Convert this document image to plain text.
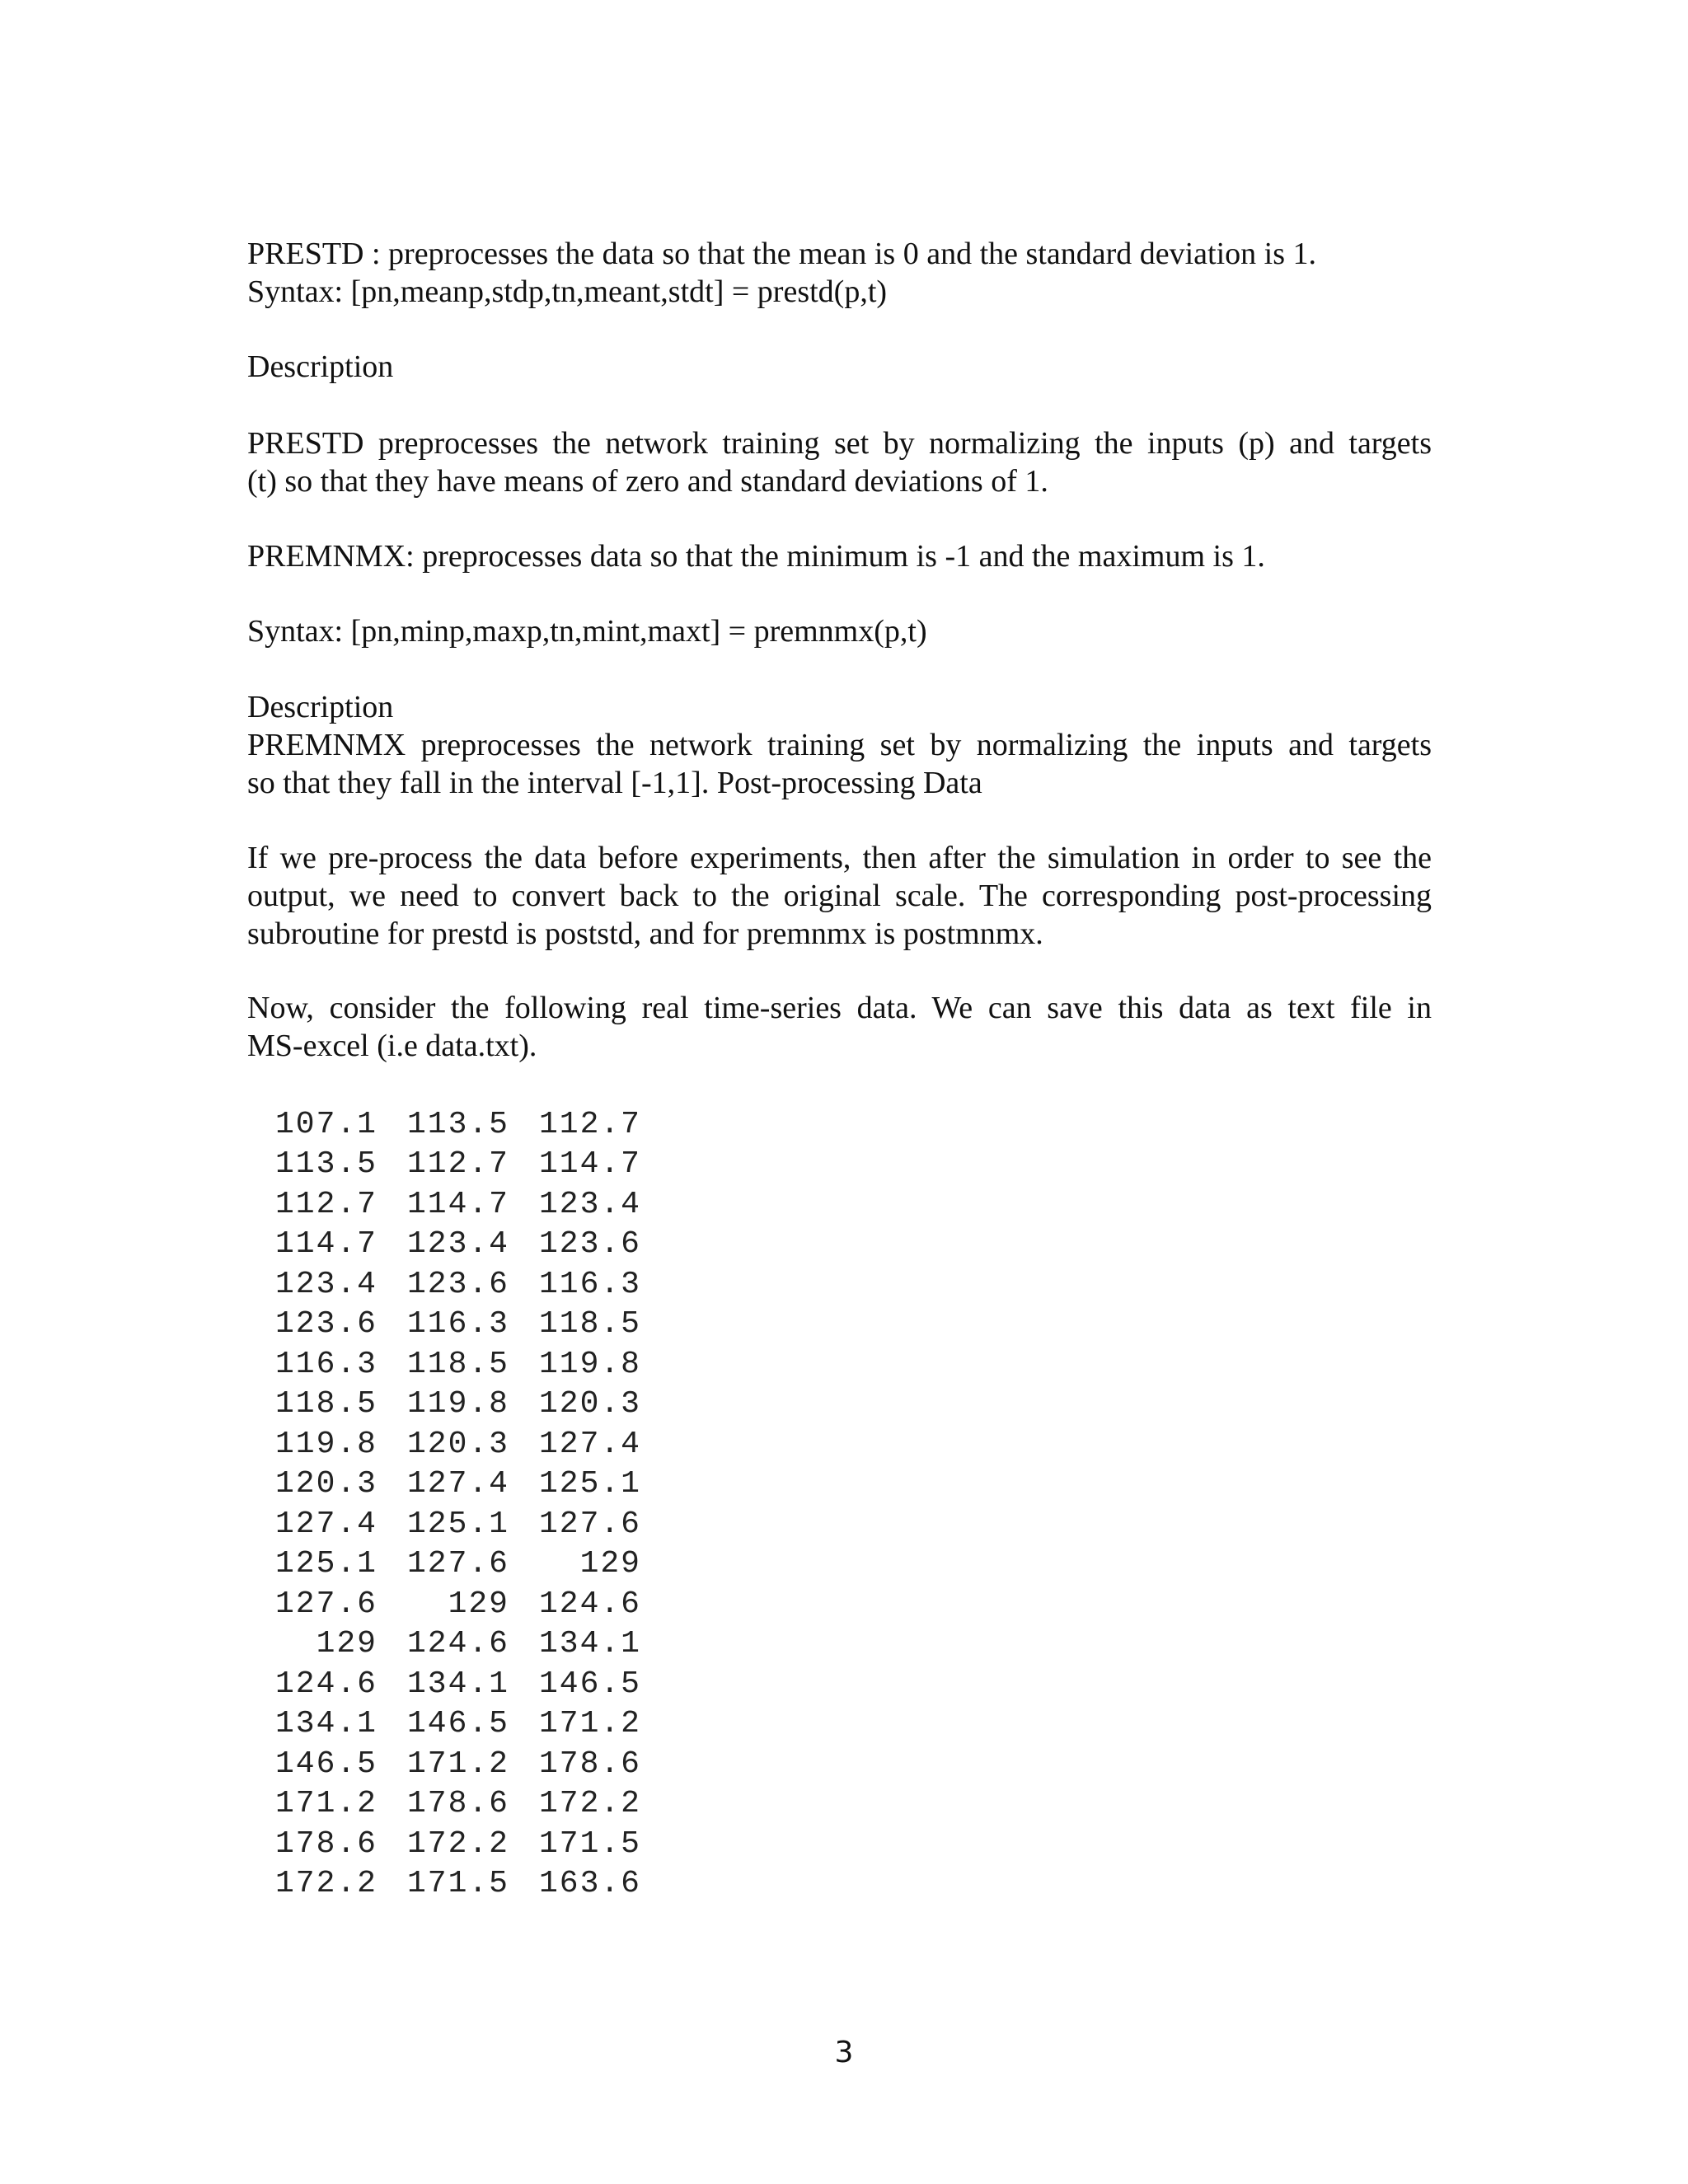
PRESTD : preprocesses the data so that the mean is 0 and the standard deviation is 1.
Syntax: [pn,meanp,stdp,tn,meant,stdt] = prestd(p,t)
Description
PRESTD preprocesses the network training set by normalizing the inputs (p) and targets
(t) so that they have means of zero and standard deviations of 1.
PREMNMX: preprocesses data so that the minimum is -1 and the maximum is 1.
Syntax: [pn,minp,maxp,tn,mint,maxt] = premnmx(p,t)
Description
PREMNMX preprocesses the network training set by normalizing the inputs and targets
so that they fall in the interval [-1,1]. Post-processing Data
If we pre-process the data before experiments, then after the simulation in order to see the
output, we need to convert back to the original scale. The corresponding post-processing
subroutine for prestd is poststd, and for premnmx is postmnmx.
Now, consider the following real time-series data. We can save this data as text file in
MS-excel (i.e data.txt).
107.1	113.5	112.7
113.5	112.7	114.7
112.7	114.7	123.4
114.7	123.4	123.6
123.4	123.6	116.3
123.6	116.3	118.5
116.3	118.5	119.8
118.5	119.8	120.3
119.8	120.3	127.4
120.3	127.4	125.1
127.4	125.1	127.6
125.1	127.6	129
127.6	129	124.6
129	124.6	134.1
124.6	134.1	146.5
134.1	146.5	171.2
146.5	171.2	178.6
171.2	178.6	172.2
178.6	172.2	171.5
172.2	171.5	163.6
3
